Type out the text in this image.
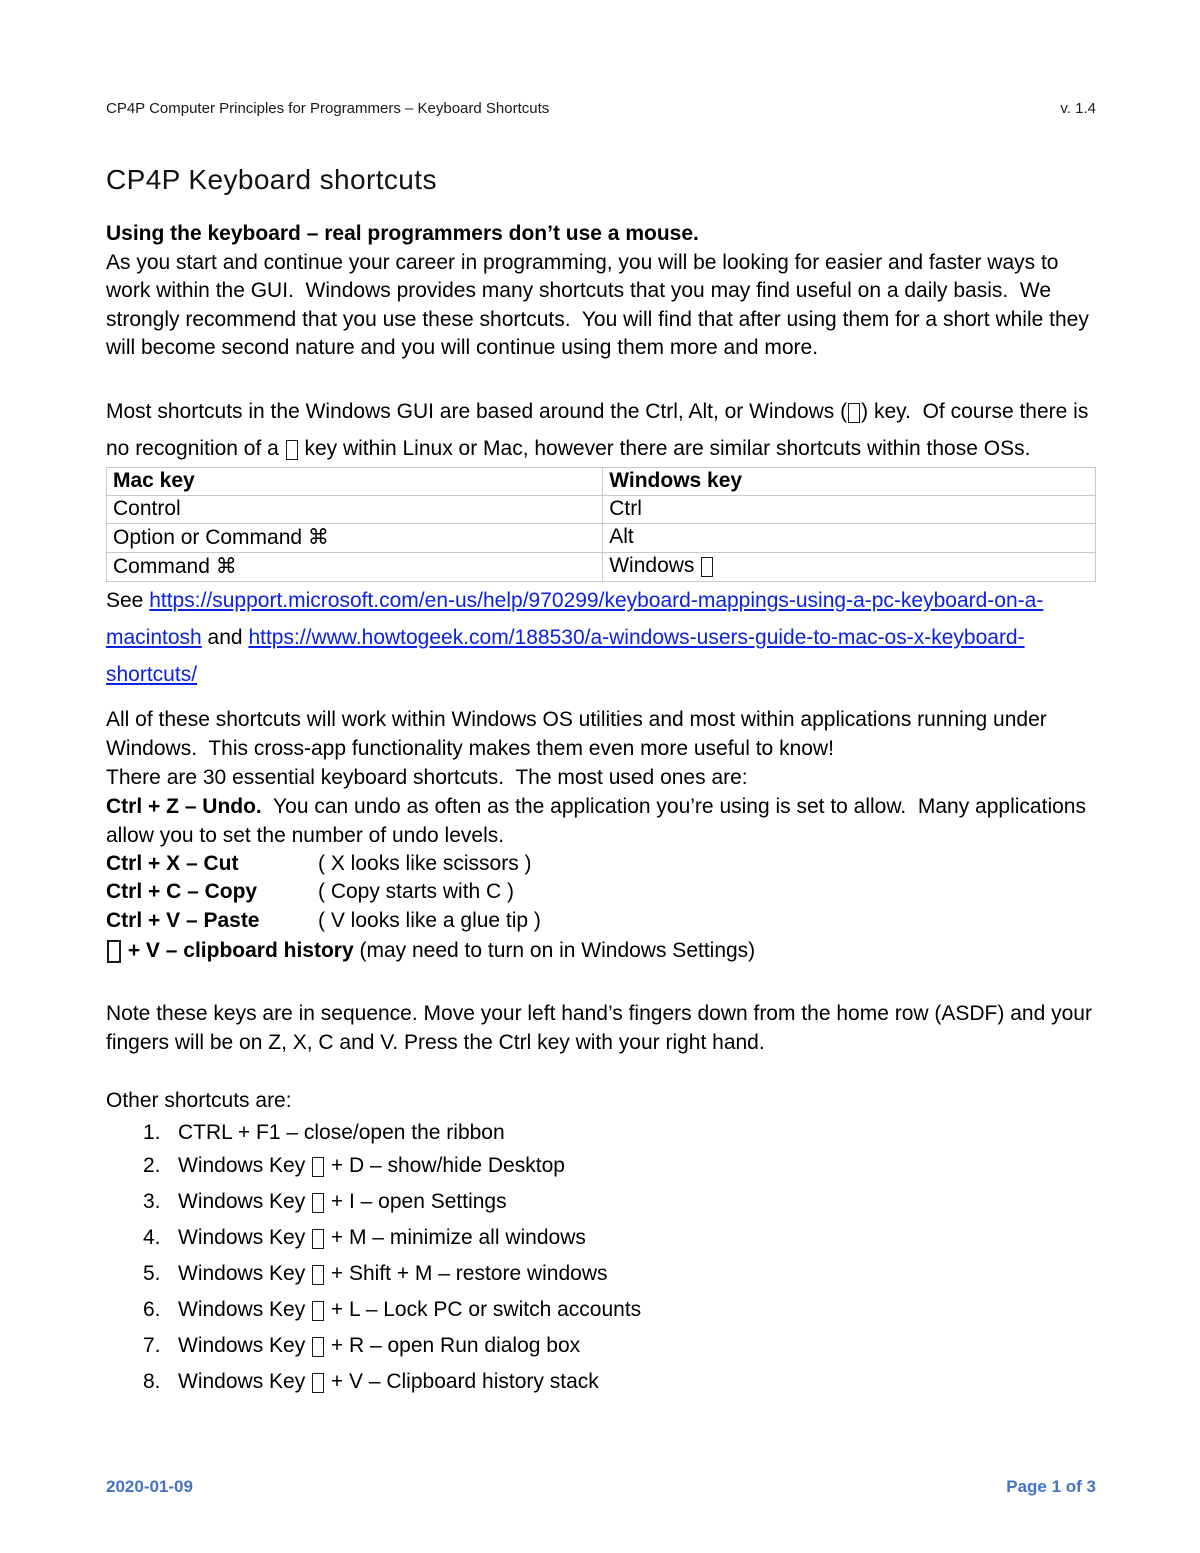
CP4P Computer Principles for Programmers – Keyboard Shortcuts	v. 1.4
CP4P Keyboard shortcuts

Using the keyboard – real programmers don’t use a mouse.

As you start and continue your career in programming, you will be looking for easier and faster ways to work within the GUI.  Windows provides many shortcuts that you may find useful on a daily basis.  We strongly recommend that you use these shortcuts.  You will find that after using them for a short while they will become second nature and you will continue using them more and more.

Most shortcuts in the Windows GUI are based around the Ctrl, Alt, or Windows ( ) key.  Of course there is no recognition of a  key within Linux or Mac, however there are similar shortcuts within those OSs.

Mac key	Windows key
Control	Ctrl
Option or Command ⌘	Alt
Command ⌘	Windows

See https://support.microsoft.com/en-us/help/970299/keyboard-mappings-using-a-pc-keyboard-on-a-macintosh and https://www.howtogeek.com/188530/a-windows-users-guide-to-mac-os-x-keyboard-shortcuts/

All of these shortcuts will work within Windows OS utilities and most within applications running under Windows.  This cross-app functionality makes them even more useful to know!

There are 30 essential keyboard shortcuts.  The most used ones are:

Ctrl + Z – Undo.  You can undo as often as the application you’re using is set to allow.  Many applications allow you to set the number of undo levels.

Ctrl + X – Cut	( X looks like scissors )
Ctrl + C – Copy	( Copy starts with C )
Ctrl + V – Paste	( V looks like a glue tip )

+ V – clipboard history (may need to turn on in Windows Settings)

Note these keys are in sequence. Move your left hand’s fingers down from the home row (ASDF) and your fingers will be on Z, X, C and V. Press the Ctrl key with your right hand.

Other shortcuts are:

1. CTRL + F1 – close/open the ribbon
2. Windows Key  + D – show/hide Desktop
3. Windows Key  + I – open Settings
4. Windows Key  + M – minimize all windows
5. Windows Key  + Shift + M – restore windows
6. Windows Key  + L – Lock PC or switch accounts
7. Windows Key  + R – open Run dialog box
8. Windows Key  + V – Clipboard history stack
2020-01-09	Page 1 of 3
